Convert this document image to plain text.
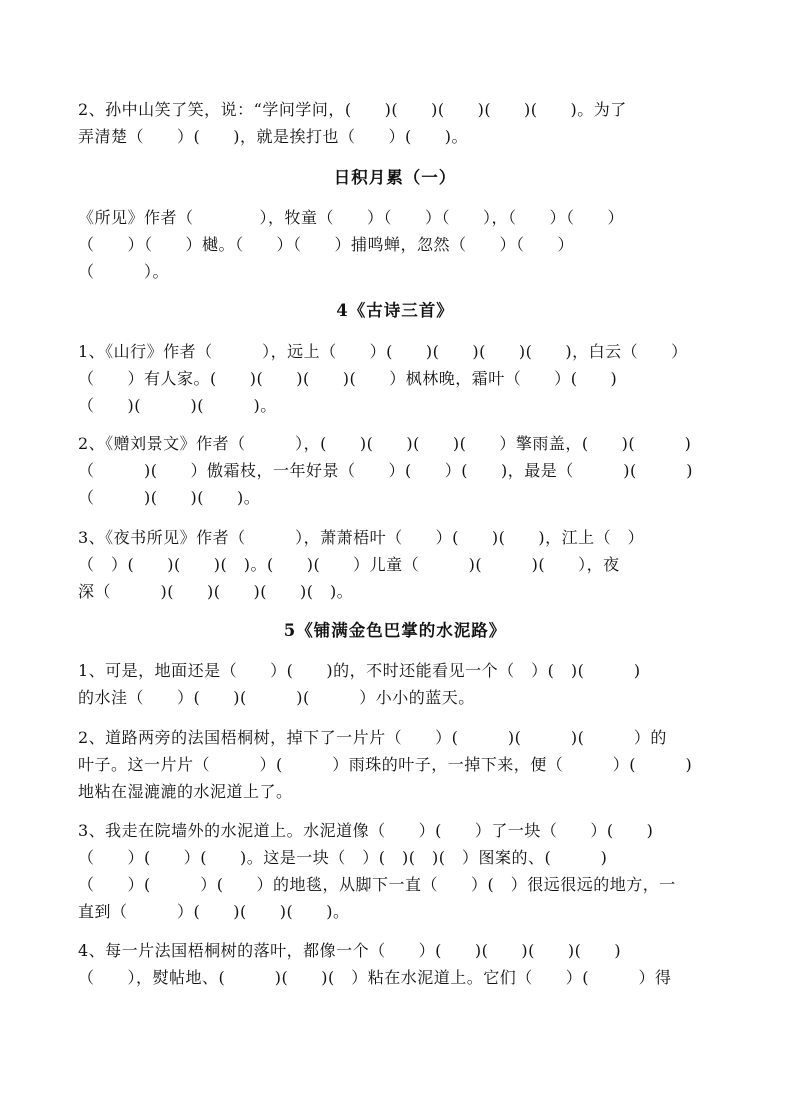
2、孙中山笑了笑，说：“学问学问，(　　)(　　)(　　)(　　)(　　)。为了
弄清楚（　　）(　　)，就是挨打也（　　）(　　)。
日积月累（一）
《所见》作者（　　　　），牧童（　　）（　　）（　　），（　　）（　　）
（　　）（　　）樾。（　　）（　　）捕鸣蝉，忽然（　　）（　　）
（　　　）。
4《古诗三首》
1、《山行》作者（　　　），远上（　　）(　　)(　　)(　　)(　　)，白云（　　）
（　　）有人家。(　　)(　　)(　　)(　　）枫林晚，霜叶（　　）(　　)
（　　)(　　　)(　　　)。
2、《赠刘景文》作者（　　　），(　　)(　　)(　　)(　　）擎雨盖，(　　)(　　　)
（　　　)(　　）傲霜枝，一年好景（　　）(　　）(　　)，最是（　　　)(　　　)
（　　　)(　　)(　　)。
3、《夜书所见》作者（　　　），萧萧梧叶（　　）(　　)(　　)，江上（　）
（　）(　　)(　　)(　)。(　　)(　　）儿童（　　　)(　　　)(　　），夜
深（　　　)(　　)(　　)(　　)(　)。
5《铺满金色巴掌的水泥路》
1、可是，地面还是（　　）(　　)的，不时还能看见一个（　）(　)(　　　)
的水洼（　　）(　　)(　　　)(　　　）小小的蓝天。
2、道路两旁的法国梧桐树，掉下了一片片（　　）(　　　)(　　　)(　　　）的
叶子。这一片片（　　　）(　　　）雨珠的叶子，一掉下来，便（　　　）(　　　)
地粘在湿漉漉的水泥道上了。
3、我走在院墙外的水泥道上。水泥道像（　　）(　　）了一块（　　）(　　)
（　　）(　　）(　　)。这是一块（　）(　)(　)(　）图案的、(　　　)
（　　）(　　　）(　　）的地毯，从脚下一直（　　）(　）很远很远的地方，一
直到（　　　）(　　)(　　)(　　)。
4、每一片法国梧桐树的落叶，都像一个（　　）(　　)(　　)(　　)(　　)
（　　），熨帖地、(　　　)(　　)(　）粘在水泥道上。它们（　　）(　　　）得
